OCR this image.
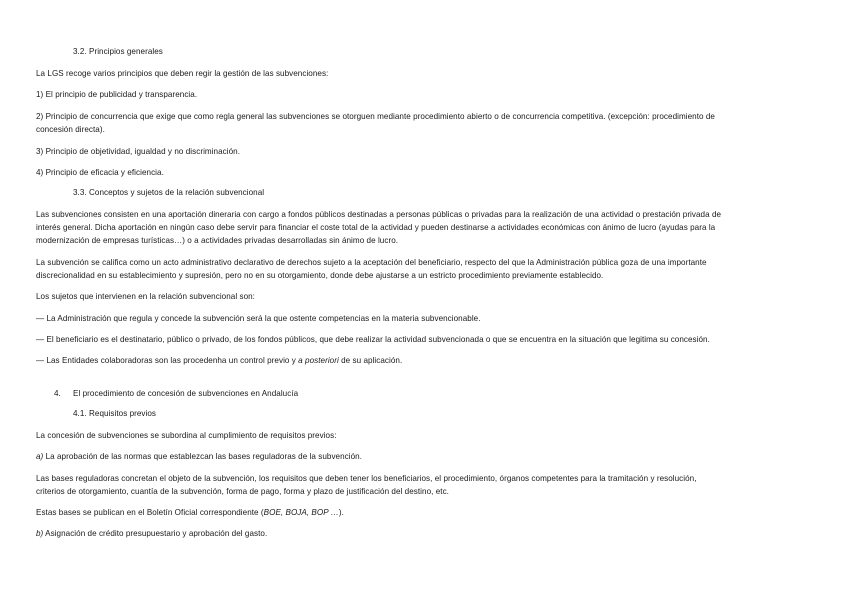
3.2. Principios generales
La LGS recoge varios principios que deben regir la gestión de las subvenciones:
1) El principio de publicidad y transparencia.
2) Principio de concurrencia que exige que como regla general las subvenciones se otorguen mediante procedimiento abierto o de concurrencia competitiva. (excepción: procedimiento de
concesión directa).
3) Principio de objetividad, igualdad y no discriminación.
4) Principio de eficacia y eficiencia.
3.3. Conceptos y sujetos de la relación subvencional
Las subvenciones consisten en una aportación dineraria con cargo a fondos públicos destinadas a personas públicas o privadas para la realización de una actividad o prestación privada de
interés general. Dicha aportación en ningún caso debe servir para financiar el coste total de la actividad y pueden destinarse a actividades económicas con ánimo de lucro (ayudas para la
modernización de empresas turísticas…) o a actividades privadas desarrolladas sin ánimo de lucro.
La subvención se califica como un acto administrativo declarativo de derechos sujeto a la aceptación del beneficiario, respecto del que la Administración pública goza de una importante
discrecionalidad en su establecimiento y supresión, pero no en su otorgamiento, donde debe ajustarse a un estricto procedimiento previamente establecido.
Los sujetos que intervienen en la relación subvencional son:
— La Administración que regula y concede la subvención será la que ostente competencias en la materia subvencionable.
— El beneficiario es el destinatario, público o privado, de los fondos públicos, que debe realizar la actividad subvencionada o que se encuentra en la situación que legitima su concesión.
— Las Entidades colaboradoras son las procedenha un control previo y a posteriori de su aplicación.
4.	El procedimiento de concesión de subvenciones en Andalucía
4.1. Requisitos previos
La concesión de subvenciones se subordina al cumplimiento de requisitos previos:
a) La aprobación de las normas que establezcan las bases reguladoras de la subvención.
Las bases reguladoras concretan el objeto de la subvención, los requisitos que deben tener los beneficiarios, el procedimiento, órganos competentes para la tramitación y resolución,
criterios de otorgamiento, cuantía de la subvención, forma de pago, forma y plazo de justificación del destino, etc.
Estas bases se publican en el Boletín Oficial correspondiente (BOE, BOJA, BOP …).
b) Asignación de crédito presupuestario y aprobación del gasto.
